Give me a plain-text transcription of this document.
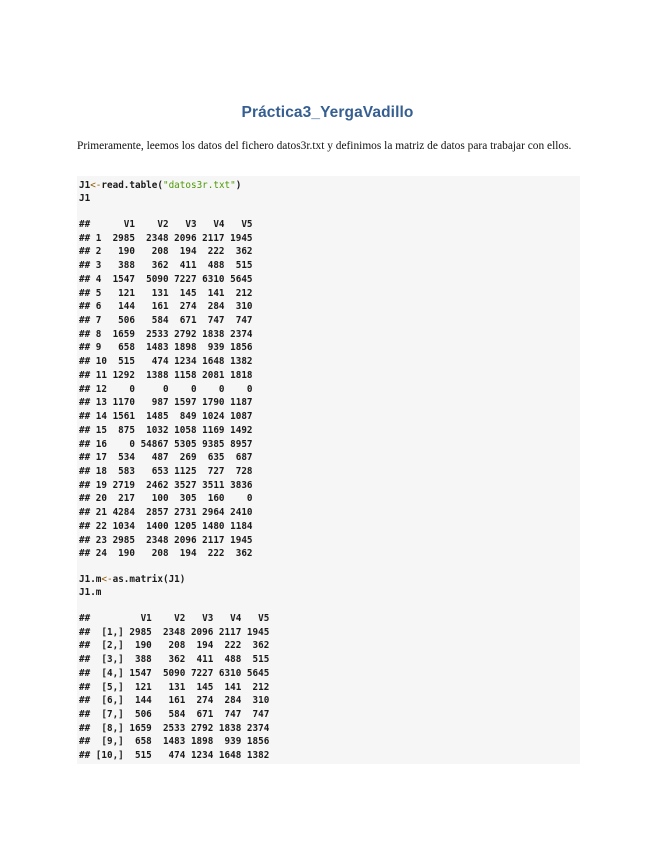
Práctica3_YergaVadillo
Primeramente, leemos los datos del fichero datos3r.txt y definimos la matriz de datos para trabajar con ellos.
J1<-read.table("datos3r.txt")
J1
##      V1    V2   V3   V4   V5
## 1  2985  2348 2096 2117 1945
## 2   190   208  194  222  362
## 3   388   362  411  488  515
## 4  1547  5090 7227 6310 5645
## 5   121   131  145  141  212
## 6   144   161  274  284  310
## 7   506   584  671  747  747
## 8  1659  2533 2792 1838 2374
## 9   658  1483 1898  939 1856
## 10  515   474 1234 1648 1382
## 11 1292  1388 1158 2081 1818
## 12    0     0    0    0    0
## 13 1170   987 1597 1790 1187
## 14 1561  1485  849 1024 1087
## 15  875  1032 1058 1169 1492
## 16    0 54867 5305 9385 8957
## 17  534   487  269  635  687
## 18  583   653 1125  727  728
## 19 2719  2462 3527 3511 3836
## 20  217   100  305  160    0
## 21 4284  2857 2731 2964 2410
## 22 1034  1400 1205 1480 1184
## 23 2985  2348 2096 2117 1945
## 24  190   208  194  222  362
J1.m<-as.matrix(J1)
J1.m
##         V1    V2   V3   V4   V5
##  [1,] 2985  2348 2096 2117 1945
##  [2,]  190   208  194  222  362
##  [3,]  388   362  411  488  515
##  [4,] 1547  5090 7227 6310 5645
##  [5,]  121   131  145  141  212
##  [6,]  144   161  274  284  310
##  [7,]  506   584  671  747  747
##  [8,] 1659  2533 2792 1838 2374
##  [9,]  658  1483 1898  939 1856
## [10,]  515   474 1234 1648 1382
